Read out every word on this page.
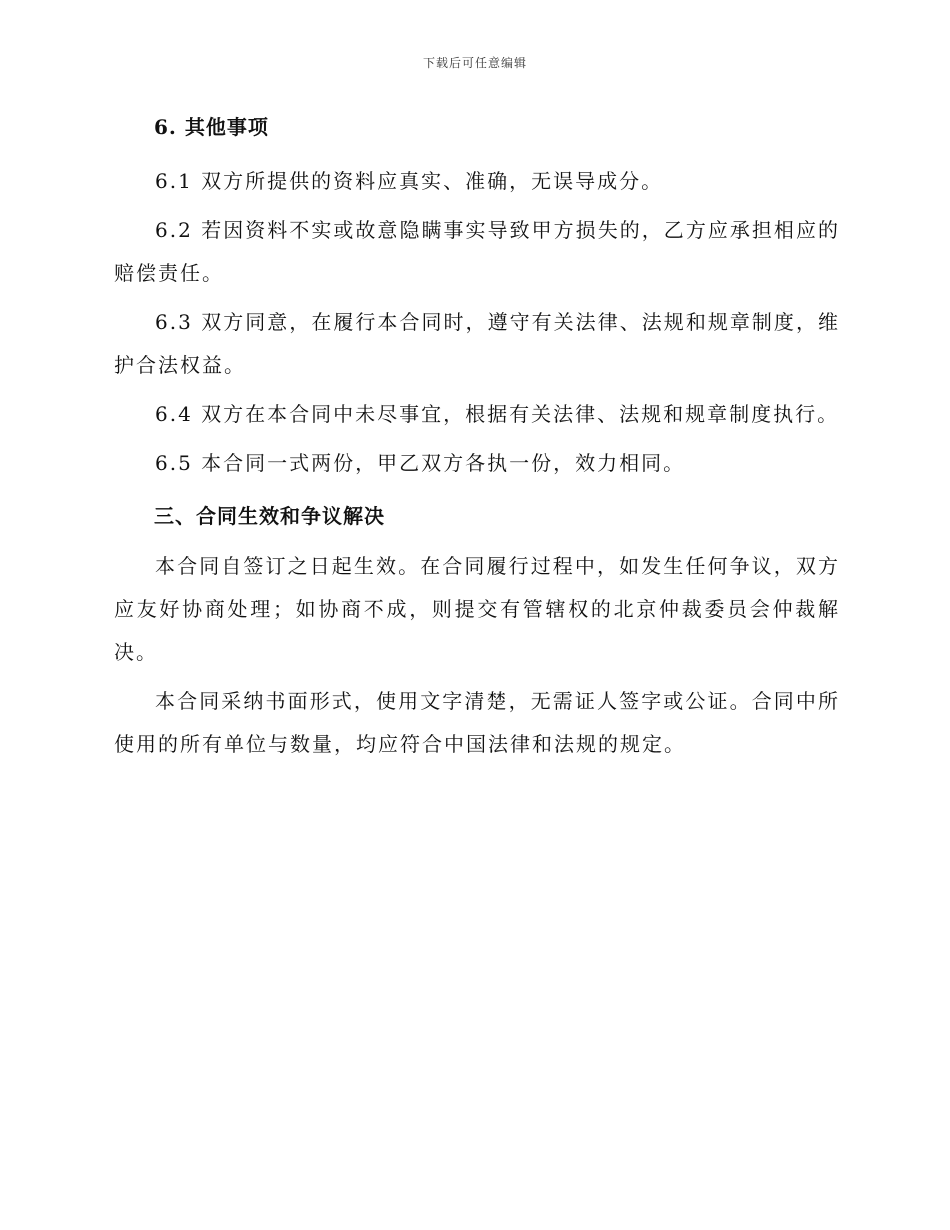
下载后可任意编辑
6. 其他事项

6.1 双方所提供的资料应真实、准确，无误导成分。

6.2 若因资料不实或故意隐瞒事实导致甲方损失的，乙方应承担相应的赔偿责任。

6.3 双方同意，在履行本合同时，遵守有关法律、法规和规章制度，维护合法权益。

6.4 双方在本合同中未尽事宜，根据有关法律、法规和规章制度执行。

6.5 本合同一式两份，甲乙双方各执一份，效力相同。

三、合同生效和争议解决

本合同自签订之日起生效。在合同履行过程中，如发生任何争议，双方应友好协商处理；如协商不成，则提交有管辖权的北京仲裁委员会仲裁解决。

本合同采纳书面形式，使用文字清楚，无需证人签字或公证。合同中所使用的所有单位与数量，均应符合中国法律和法规的规定。
